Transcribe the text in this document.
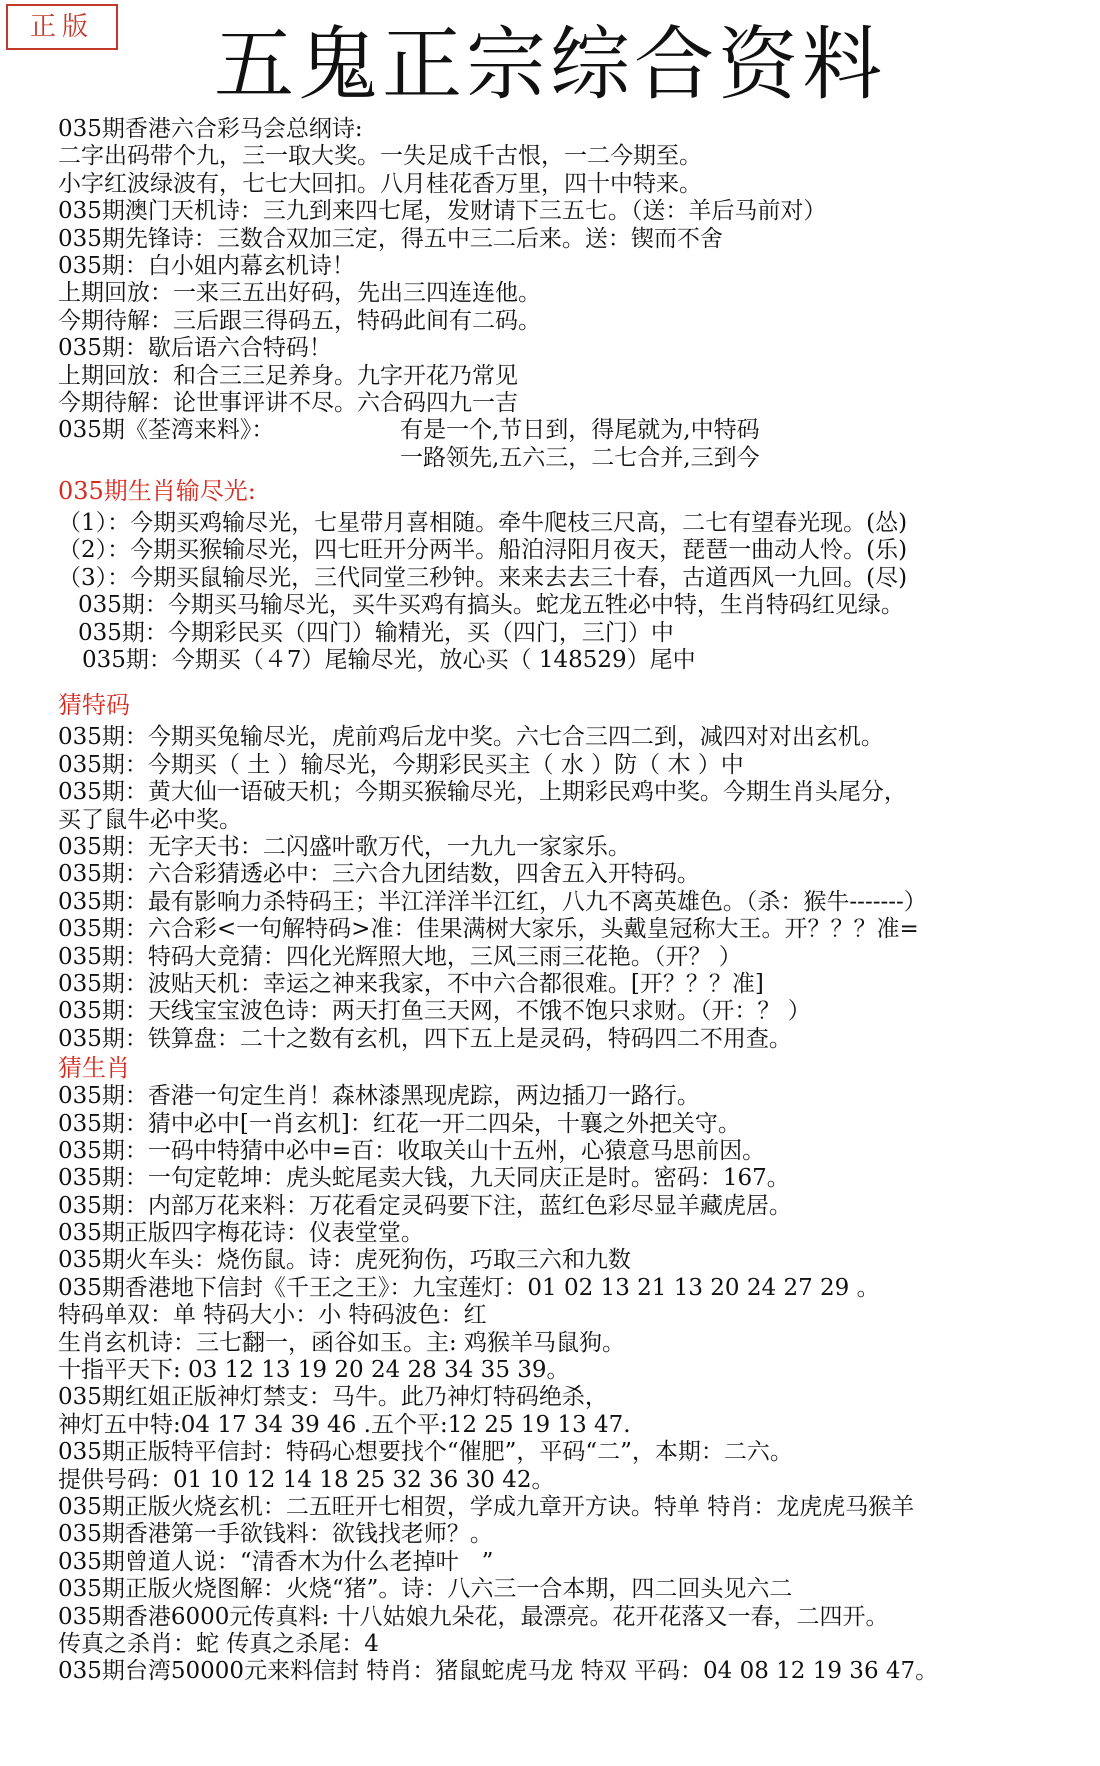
正版	五鬼正宗综合资料
035期香港六合彩马会总纲诗:
二字出码带个九，三一取大奖。一失足成千古恨，一二今期至。
小字红波绿波有，七七大回扣。八月桂花香万里，四十中特来。
035期澳门天机诗：三九到来四七尾，发财请下三五七。（送：羊后马前对）
035期先锋诗：三数合双加三定，得五中三二后来。送：锲而不舍
035期：白小姐内幕玄机诗！
上期回放：一来三五出好码，先出三四连连他。
今期待解：三后跟三得码五，特码此间有二码。
035期：歇后语六合特码！
上期回放：和合三三足养身。九字开花乃常见
今期待解：论世事评讲不尽。六合码四九一吉
035期《荃湾来料》：	有是一个,节日到，得尾就为,中特码
一路领先,五六三，二七合并,三到今
035期生肖输尽光:
（1）：今期买鸡输尽光，七星带月喜相随。牵牛爬枝三尺高，二七有望春光现。(怂)
（2）：今期买猴输尽光，四七旺开分两半。船泊浔阳月夜天，琵琶一曲动人怜。(乐)
（3）：今期买鼠输尽光，三代同堂三秒钟。来来去去三十春，古道西风一九回。(尽)
035期：今期买马输尽光，买牛买鸡有搞头。蛇龙五牲必中特，生肖特码红见绿。
035期：今期彩民买（四门）输精光，买（四门，三门）中
035期：今期买（４7）尾输尽光，放心买（ 148529）尾中
猜特码
035期：今期买兔输尽光，虎前鸡后龙中奖。六七合三四二到，减四对对出玄机。
035期：今期买（ 土 ）输尽光，今期彩民买主（ 水 ）防（ 木 ）中
035期：黄大仙一语破天机；今期买猴输尽光，上期彩民鸡中奖。今期生肖头尾分，
买了鼠牛必中奖。
035期：无字天书：二闪盛叶歌万代，一九九一家家乐。
035期：六合彩猜透必中：三六合九团结数，四舍五入开特码。
035期：最有影响力杀特码王；半江洋洋半江红，八九不离英雄色。（杀：猴牛-------）
035期：六合彩<一句解特码>准：佳果满树大家乐，头戴皇冠称大王。开？？？准=
035期：特码大竞猜：四化光辉照大地，三风三雨三花艳。（开？ ）
035期：波贴天机：幸运之神来我家，不中六合都很难。[开？？？准]
035期：天线宝宝波色诗：两天打鱼三天网，不饿不饱只求财。（开：？ ）
035期：铁算盘：二十之数有玄机，四下五上是灵码，特码四二不用查。
猜生肖
035期：香港一句定生肖！森林漆黑现虎踪，两边插刀一路行。
035期：猜中必中[一肖玄机]：红花一开二四朵，十襄之外把关守。
035期：一码中特猜中必中=百：收取关山十五州，心猿意马思前因。
035期：一句定乾坤：虎头蛇尾卖大钱，九天同庆正是时。密码：167。
035期：内部万花来料：万花看定灵码要下注，蓝红色彩尽显羊藏虎居。
035期正版四字梅花诗：仪表堂堂。
035期火车头：烧伤鼠。诗：虎死狗伤，巧取三六和九数
035期香港地下信封《千王之王》：九宝莲灯：01 02 13 21 13 20 24 27 29 。
特码单双：单 特码大小：小 特码波色：红
生肖玄机诗：三七翻一，函谷如玉。主: 鸡猴羊马鼠狗。
十指平天下: 03 12 13 19 20 24 28 34 35 39。
035期红姐正版神灯禁支：马牛。此乃神灯特码绝杀，
神灯五中特:04 17 34 39 46 .五个平:12 25 19 13 47.
035期正版特平信封：特码心想要找个“催肥”，平码“二”，本期：二六。
提供号码：01 10 12 14 18 25 32 36 30 42。
035期正版火烧玄机：二五旺开七相贺，学成九章开方诀。特单 特肖：龙虎虎马猴羊
035期香港第一手欲钱料：欲钱找老师？。
035期曾道人说：“清香木为什么老掉叶　”
035期正版火烧图解：火烧“猪”。诗：八六三一合本期，四二回头见六二
035期香港6000元传真料: 十八姑娘九朵花，最漂亮。花开花落又一春，二四开。
传真之杀肖：蛇 传真之杀尾：4
035期台湾50000元来料信封 特肖：猪鼠蛇虎马龙 特双 平码：04 08 12 19 36 47。
